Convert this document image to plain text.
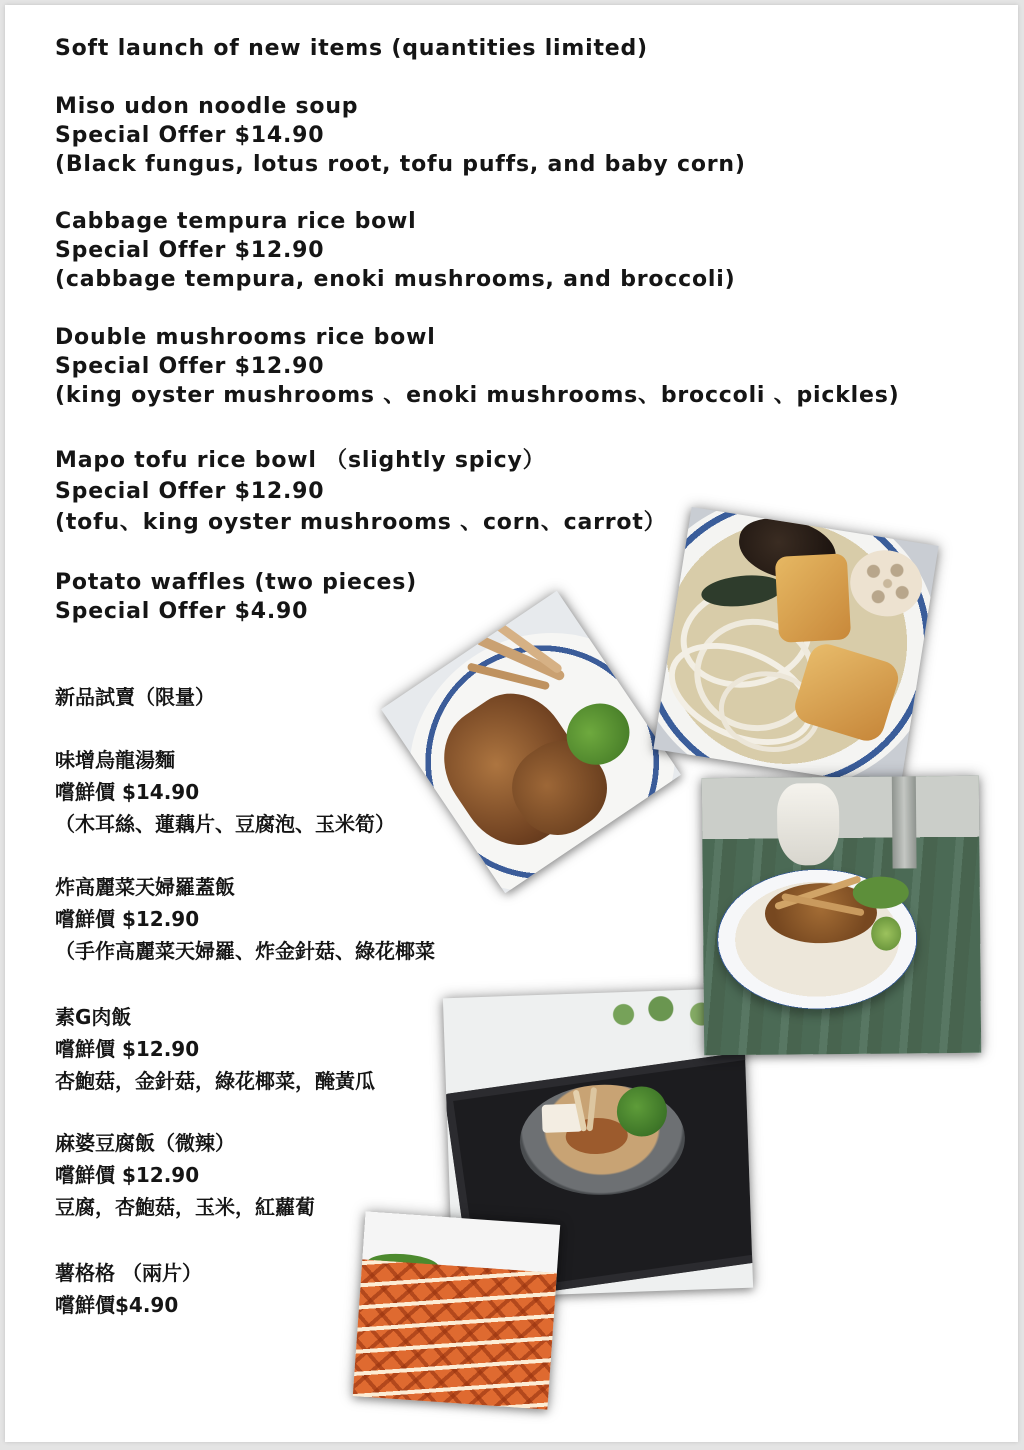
Soft launch of new items (quantities limited)
Miso udon noodle soup
Special Offer $14.90
(Black fungus, lotus root, tofu puffs, and baby corn)
Cabbage tempura rice bowl
Special Offer $12.90
(cabbage tempura, enoki mushrooms, and broccoli)
Double mushrooms rice bowl
Special Offer $12.90
(king oyster mushrooms 、enoki mushrooms、broccoli 、pickles)
Mapo tofu rice bowl （slightly spicy）
Special Offer $12.90
(tofu、king oyster mushrooms 、corn、carrot）
Potato waffles (two pieces)
Special Offer $4.90
新品試賣（限量）
味增烏龍湯麵
嚐鮮價 $14.90
（木耳絲、蓮藕片、豆腐泡、玉米筍）
炸高麗菜天婦羅蓋飯
嚐鮮價 $12.90
（手作高麗菜天婦羅、炸金針菇、綠花椰菜
素G肉飯
嚐鮮價 $12.90
杏鮑菇，金針菇，綠花椰菜，醃黃瓜
麻婆豆腐飯（微辣）
嚐鮮價 $12.90
豆腐，杏鮑菇，玉米，紅蘿蔔
薯格格 （兩片）
嚐鮮價$4.90
